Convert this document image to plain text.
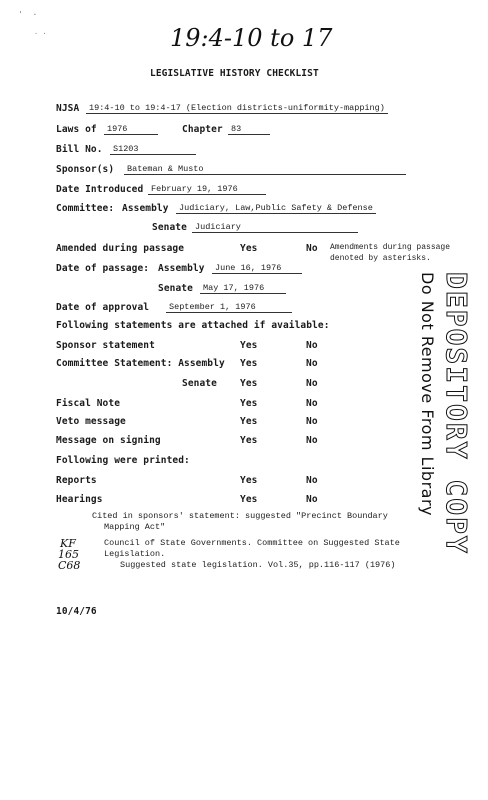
'  ·
· ·	19:4-10 to 17
LEGISLATIVE HISTORY CHECKLIST
NJSA	19:4-10 to 19:4-17 (Election districts-uniformity-mapping)
Laws of	1976	Chapter 83
Bill No.	S1203
Sponsor(s)	Bateman & Musto
Date Introduced February 19, 1976
Committee: Assembly	Judiciary, Law,Public Safety & Defense
Senate Judiciary
Amended during passage	Yes	No Amendments during passage denoted by asterisks.
Date of passage: Assembly	June 16, 1976
Senate	May 17, 1976
Date of approval	September 1, 1976
Following statements are attached if available:
Sponsor statement	Yes	No
Committee Statement: Assembly Yes	No
Senate Yes	No
Fiscal Note	Yes	No
Veto message	Yes	No
Message on signing	Yes	No
Following were printed:
Reports	Yes	No
Hearings	Yes	No
Cited in sponsors' statement: suggested "Precinct Boundary
Mapping Act"
KF
165
C68
Council of State Governments. Committee on Suggested State
Legislation.
Suggested state legislation. Vol.35, pp.116-117 (1976)
10/4/76
DEPOSITORY COPY
Do Not Remove From Library
